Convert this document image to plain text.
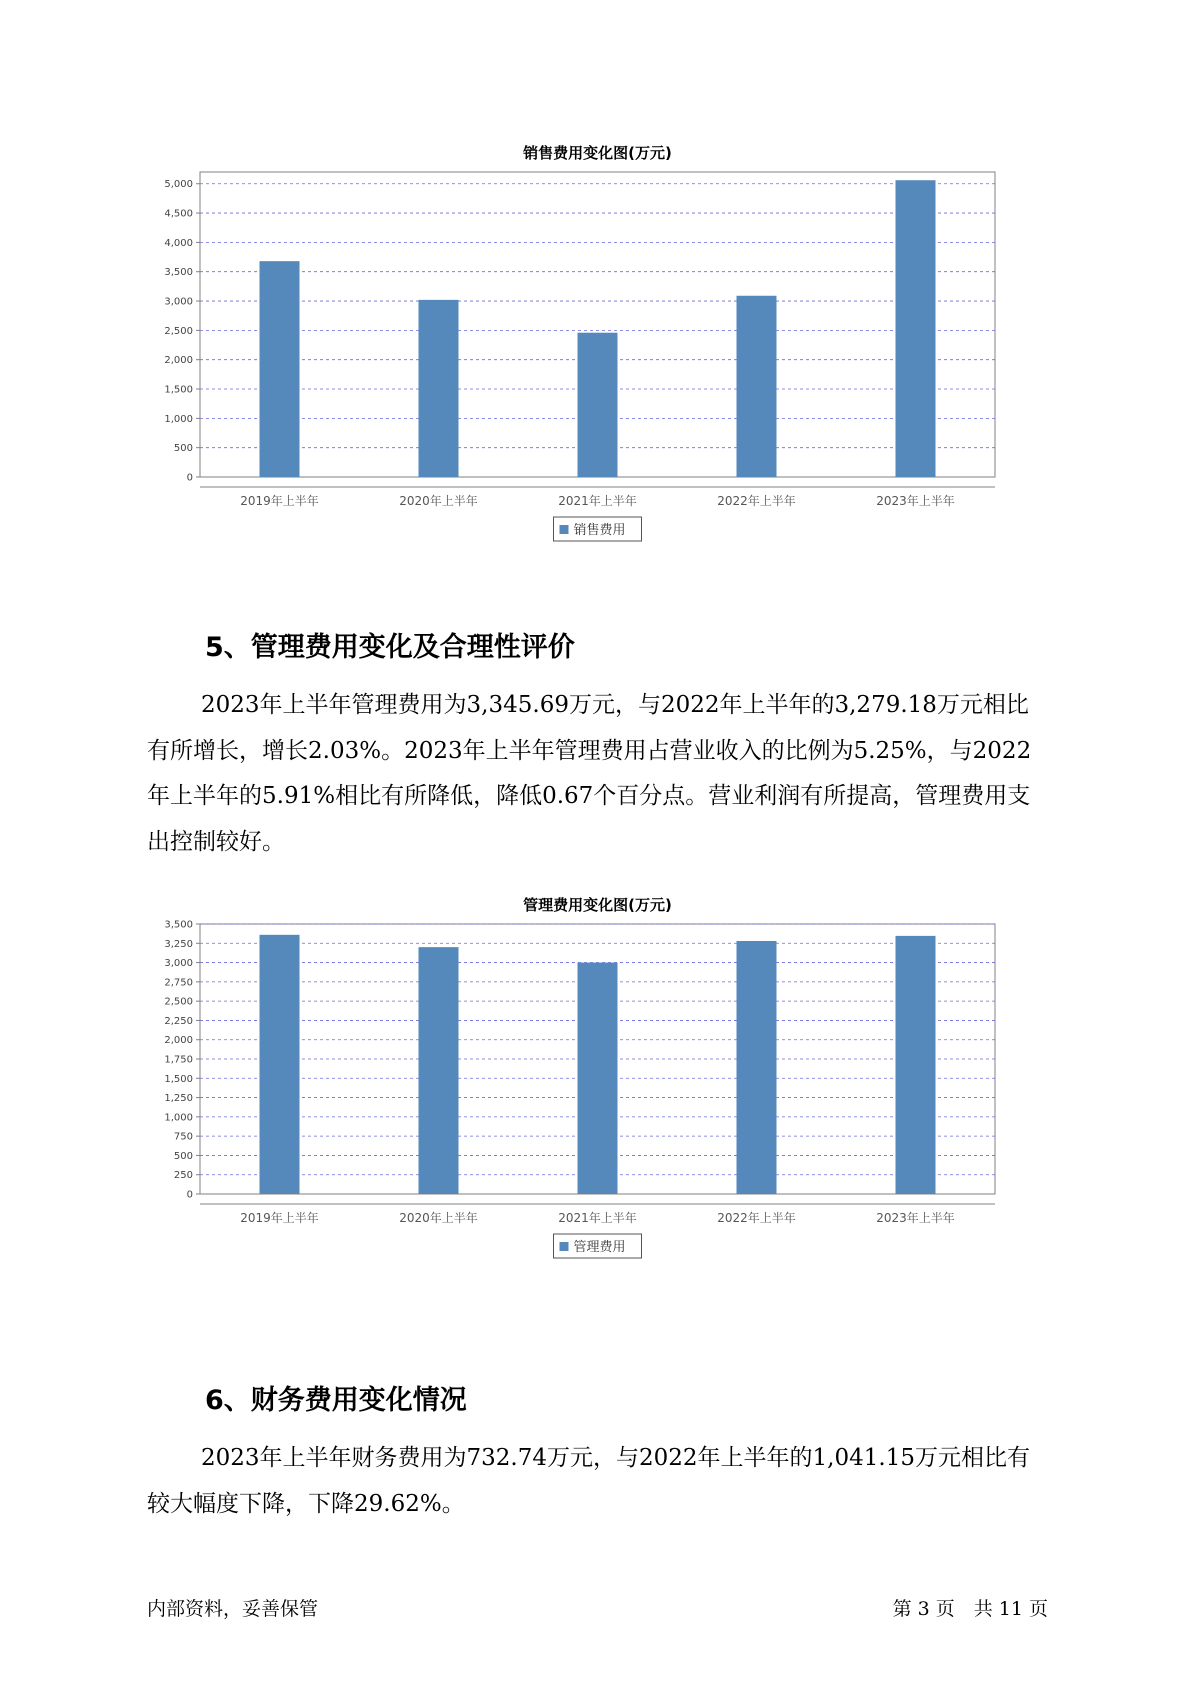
销售费用变化图(万元)
0
500
1,000
1,500
2,000
2,500
3,000
3,500
4,000
4,500
5,000
2019年上半年	2020年上半年	2021年上半年	2022年上半年	2023年上半年
销售费用
5、管理费用变化及合理性评价

2023年上半年管理费用为3,345.69万元，与2022年上半年的3,279.18万元相比有所增长，增长2.03%。2023年上半年管理费用占营业收入的比例为5.25%，与2022年上半年的5.91%相比有所降低，降低0.67个百分点。营业利润有所提高，管理费用支出控制较好。

管理费用变化图(万元)
0
250
500
750
1,000
1,250
1,500
1,750
2,000
2,250
2,500
2,750
3,000
3,250
3,500
2019年上半年	2020年上半年	2021年上半年	2022年上半年	2023年上半年
管理费用
6、财务费用变化情况

2023年上半年财务费用为732.74万元，与2022年上半年的1,041.15万元相比有较大幅度下降，下降29.62%。

内部资料，妥善保管	第 3 页　共 11 页
